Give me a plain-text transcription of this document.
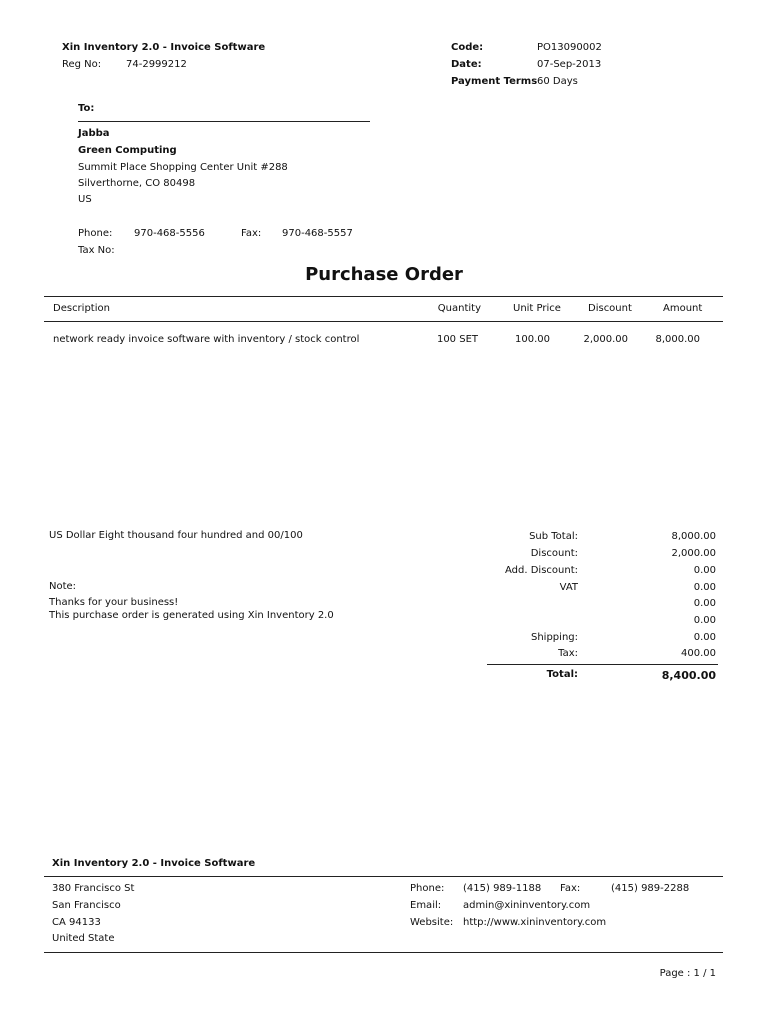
Xin Inventory 2.0 - Invoice Software
Reg No: 74-2999212
Code:	PO13090002
Date:	07-Sep-2013
Payment Terms 60 Days
To:
Jabba
Green Computing
Summit Place Shopping Center Unit #288
Silverthorne, CO 80498
US
Phone: 970-468-5556	Fax: 970-468-5557
Tax No:
Purchase Order
Description	Quantity	Unit Price	Discount	Amount
network ready invoice software with inventory / stock control	100 SET	100.00	2,000.00	8,000.00
US Dollar Eight thousand four hundred and 00/100
Note:
Thanks for your business!
This purchase order is generated using Xin Inventory 2.0
Sub Total:	8,000.00
Discount:	2,000.00
Add. Discount:	0.00
VAT	0.00
0.00
0.00
Shipping:	0.00
Tax:	400.00
Total:	8,400.00
Xin Inventory 2.0 - Invoice Software
380 Francisco St
San Francisco
CA 94133
United State
Phone: (415) 989-1188 Fax:	(415) 989-2288
Email: admin@xininventory.com
Website: http://www.xininventory.com
Page : 1 / 1
